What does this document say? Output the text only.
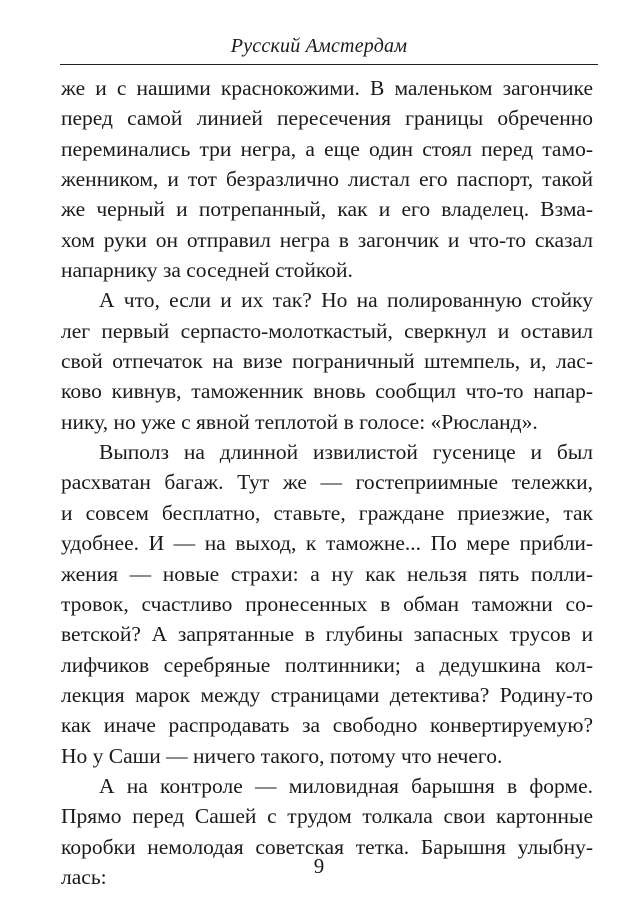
Русский Амстердам
же и с нашими краснокожими. В маленьком загончике
перед самой линией пересечения границы обреченно
переминались три негра, а еще один стоял перед тамо-
женником, и тот безразлично листал его паспорт, такой
же черный и потрепанный, как и его владелец. Взма-
хом руки он отправил негра в загончик и что-то сказал
напарнику за соседней стойкой.
А что, если и их так? Но на полированную стойку
лег первый серпасто-молоткастый, сверкнул и оставил
свой отпечаток на визе пограничный штемпель, и, лас-
ково кивнув, таможенник вновь сообщил что-то напар-
нику, но уже с явной теплотой в голосе: «Рюсланд».
Выполз на длинной извилистой гусенице и был
расхватан багаж. Тут же — гостеприимные тележки,
и совсем бесплатно, ставьте, граждане приезжие, так
удобнее. И — на выход, к таможне... По мере прибли-
жения — новые страхи: а ну как нельзя пять полли-
тровок, счастливо пронесенных в обман таможни со-
ветской? А запрятанные в глубины запасных трусов и
лифчиков серебряные полтинники; а дедушкина кол-
лекция марок между страницами детектива? Родину-то
как иначе распродавать за свободно конвертируемую?
Но у Саши — ничего такого, потому что нечего.
А на контроле — миловидная барышня в форме.
Прямо перед Сашей с трудом толкала свои картонные
коробки немолодая советская тетка. Барышня улыбну-
лась:	9
